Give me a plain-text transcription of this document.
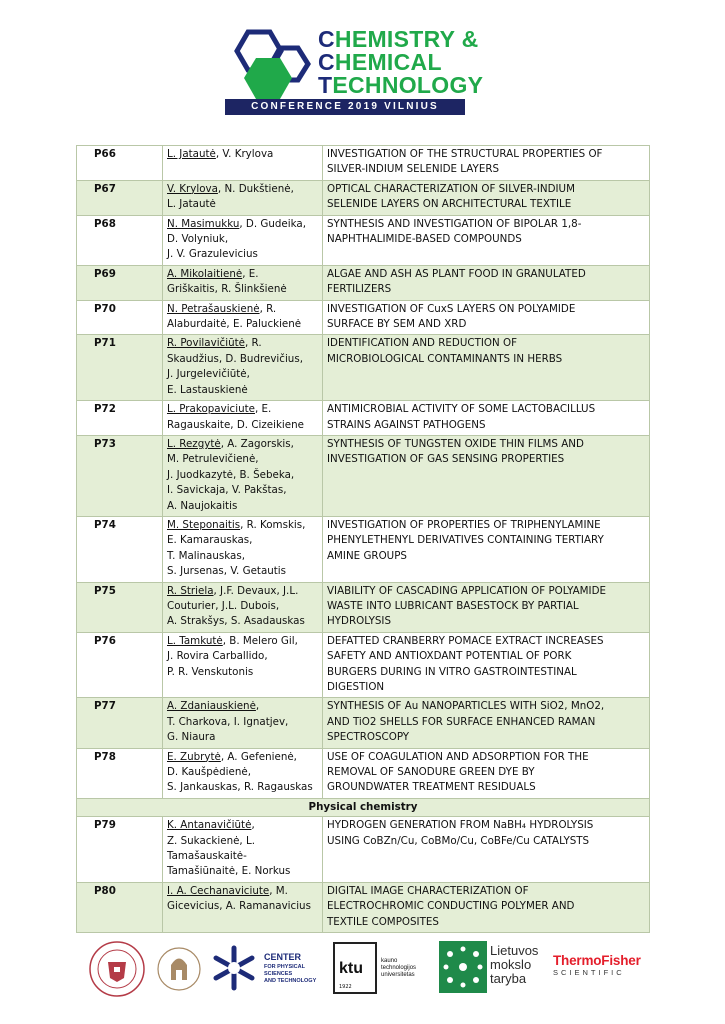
CHEMISTRY &
CHEMICAL
TECHNOLOGY
CONFERENCE 2019 VILNIUS
P66	L. Jatautė, V. Krylova	INVESTIGATION OF THE STRUCTURAL PROPERTIES OF
SILVER-INDIUM SELENIDE LAYERS

P67	V. Krylova, N. Dukštienė,
L. Jatautė	OPTICAL CHARACTERIZATION OF SILVER-INDIUM
SELENIDE LAYERS ON ARCHITECTURAL TEXTILE

P68	N. Masimukku, D. Gudeika,
D. Volyniuk,
J. V. Grazulevicius	SYNTHESIS AND INVESTIGATION OF BIPOLAR 1,8-
NAPHTHALIMIDE-BASED COMPOUNDS

P69	A. Mikolaitienė, E.
Griškaitis, R. Šlinkšienė	ALGAE AND ASH AS PLANT FOOD IN GRANULATED
FERTILIZERS

P70	N. Petrašauskienė, R.
Alaburdaitė, E. Paluckienė	INVESTIGATION OF CuxS LAYERS ON POLYAMIDE
SURFACE BY SEM AND XRD

P71	R. Povilavičiūtė, R.
Skaudžius, D. Budrevičius,
J. Jurgelevičiūtė,
E. Lastauskienė	IDENTIFICATION AND REDUCTION OF
MICROBIOLOGICAL CONTAMINANTS IN HERBS

P72	L. Prakopaviciute, E.
Ragauskaite, D. Cizeikiene	ANTIMICROBIAL ACTIVITY OF SOME LACTOBACILLUS
STRAINS AGAINST PATHOGENS

P73	L. Rezgytė, A. Zagorskis,
M. Petrulevičienė,
J. Juodkazytė, B. Šebeka,
I. Savickaja, V. Pakštas,
A. Naujokaitis	SYNTHESIS OF TUNGSTEN OXIDE THIN FILMS AND
INVESTIGATION OF GAS SENSING PROPERTIES

P74	M. Steponaitis, R. Komskis,
E. Kamarauskas,
T. Malinauskas,
S. Jursenas, V. Getautis	INVESTIGATION OF PROPERTIES OF TRIPHENYLAMINE
PHENYLETHENYL DERIVATIVES CONTAINING TERTIARY
AMINE GROUPS

P75	R. Striela, J.F. Devaux, J.L.
Couturier, J.L. Dubois,
A. Strakšys, S. Asadauskas	VIABILITY OF CASCADING APPLICATION OF POLYAMIDE
WASTE INTO LUBRICANT BASESTOCK BY PARTIAL
HYDROLYSIS

P76	L. Tamkutė, B. Melero Gil,
J. Rovira Carballido,
P. R. Venskutonis	DEFATTED CRANBERRY POMACE EXTRACT INCREASES
SAFETY AND ANTIOXDANT POTENTIAL OF PORK
BURGERS DURING IN VITRO GASTROINTESTINAL
DIGESTION

P77	A. Zdaniauskienė,
T. Charkova, I. Ignatjev,
G. Niaura	SYNTHESIS OF Au NANOPARTICLES WITH SiO2, MnO2,
AND TiO2 SHELLS FOR SURFACE ENHANCED RAMAN
SPECTROSCOPY

P78	E. Zubrytė, A. Gefenienė,
D. Kaušpėdienė,
S. Jankauskas, R. Ragauskas	USE OF COAGULATION AND ADSORPTION FOR THE
REMOVAL OF SANODURE GREEN DYE BY
GROUNDWATER TREATMENT RESIDUALS

Physical chemistry		
P79	K. Antanavičiūtė,
Z. Sukackienė, L.
Tamašauskaitė-
Tamašiūnaitė, E. Norkus	HYDROGEN GENERATION FROM NaBH₄ HYDROLYSIS
USING CoBZn/Cu, CoBMo/Cu, CoBFe/Cu CATALYSTS

P80	I. A. Cechanaviciute, M.
Gicevicius, A. Ramanavicius	DIGITAL IMAGE CHARACTERIZATION OF
ELECTROCHROMIC CONDUCTING POLYMER AND
TEXTILE COMPOSITES
CENTER
FOR PHYSICAL SCIENCES
AND TECHNOLOGY
ktu
1922
kauno
technologijos
universitetas
Lietuvos
mokslo
taryba
ThermoFisher
SCIENTIFIC
